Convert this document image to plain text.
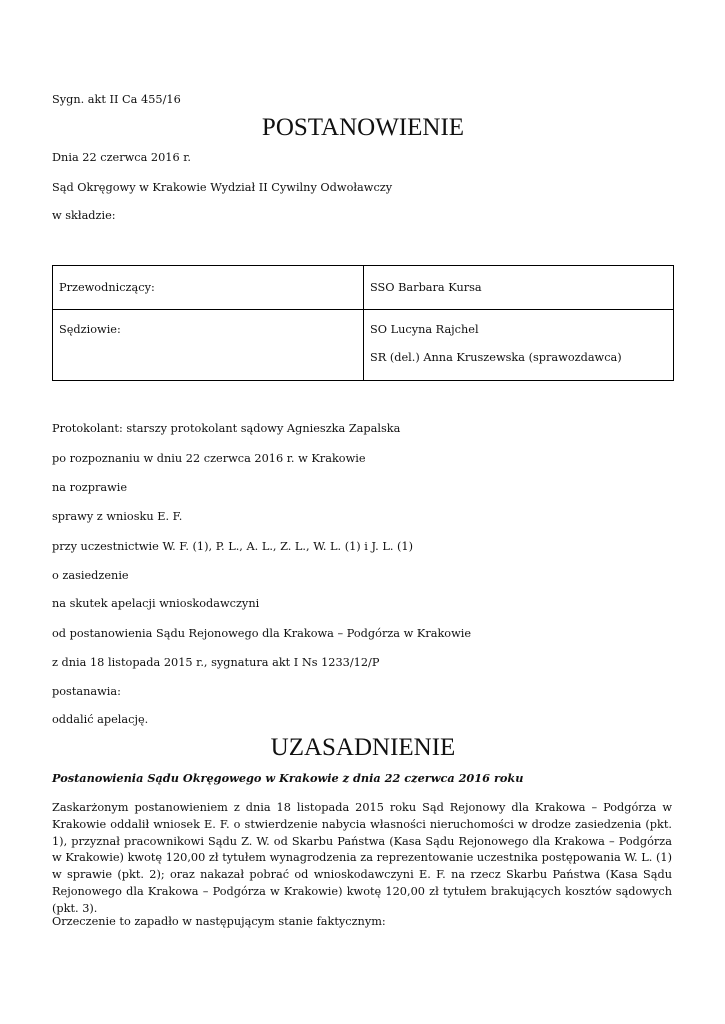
Sygn. akt II Ca 455/16

POSTANOWIENIE

Dnia 22 czerwca 2016 r.

Sąd Okręgowy w Krakowie Wydział II Cywilny Odwoławczy

w składzie:

Przewodniczący:	SSO Barbara Kursa
Sędziowie:	SO Lucyna Rajchel
SR (del.) Anna Kruszewska (sprawozdawca)

Protokolant: starszy protokolant sądowy Agnieszka Zapalska

po rozpoznaniu w dniu 22 czerwca 2016 r. w Krakowie

na rozprawie

sprawy z wniosku E. F.

przy uczestnictwie W. F. (1), P. L., A. L., Z. L., W. L. (1) i J. L. (1)

o zasiedzenie

na skutek apelacji wnioskodawczyni

od postanowienia Sądu Rejonowego dla Krakowa – Podgórza w Krakowie

z dnia 18 listopada 2015 r., sygnatura akt I Ns 1233/12/P

postanawia:

oddalić apelację.

UZASADNIENIE

Postanowienia Sądu Okręgowego w Krakowie z dnia 22 czerwca 2016 roku

Zaskarżonym postanowieniem z dnia 18 listopada 2015 roku Sąd Rejonowy dla Krakowa – Podgórza w Krakowie oddalił wniosek E. F. o stwierdzenie nabycia własności nieruchomości w drodze zasiedzenia (pkt. 1), przyznał pracownikowi Sądu Z. W. od Skarbu Państwa (Kasa Sądu Rejonowego dla Krakowa – Podgórza w Krakowie) kwotę 120,00 zł tytułem wynagrodzenia za reprezentowanie uczestnika postępowania W. L. (1) w sprawie (pkt. 2); oraz nakazał pobrać od wnioskodawczyni E. F. na rzecz Skarbu Państwa (Kasa Sądu Rejonowego dla Krakowa – Podgórza w Krakowie) kwotę 120,00 zł tytułem brakujących kosztów sądowych (pkt. 3).

Orzeczenie to zapadło w następującym stanie faktycznym:
